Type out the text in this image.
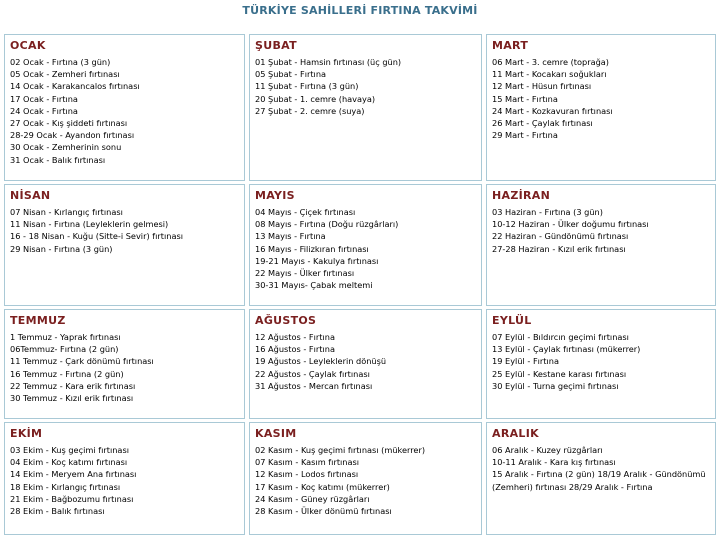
TÜRKİYE SAHİLLERİ FIRTINA TAKVİMİ
OCAK
02 Ocak - Fırtına (3 gün)
05 Ocak - Zemheri fırtınası
14 Ocak - Karakancalos fırtınası
17 Ocak - Fırtına
24 Ocak - Fırtına
27 Ocak - Kış şiddeti fırtınası
28-29 Ocak - Ayandon fırtınası
30 Ocak - Zemherinin sonu
31 Ocak - Balık fırtınası
ŞUBAT
01 Şubat - Hamsin fırtınası (üç gün)
05 Şubat - Fırtına
11 Şubat - Fırtına (3 gün)
20 Şubat - 1. cemre (havaya)
27 Şubat - 2. cemre (suya)
MART
06 Mart - 3. cemre (toprağa)
11 Mart - Kocakarı soğukları
12 Mart - Hüsun fırtınası
15 Mart - Fırtına
24 Mart - Kozkavuran fırtınası
26 Mart - Çaylak fırtınası
29 Mart - Fırtına
NİSAN
07 Nisan - Kırlangıç fırtınası
11 Nisan - Fırtına (Leyleklerin gelmesi)
16 - 18 Nisan - Kuğu (Sitte-i Sevir) fırtınası
29 Nisan - Fırtına (3 gün)
MAYIS
04 Mayıs - Çiçek fırtınası
08 Mayıs - Fırtına (Doğu rüzgârları)
13 Mayıs - Fırtına
16 Mayıs - Filizkıran fırtınası
19-21 Mayıs - Kakulya fırtınası
22 Mayıs - Ülker fırtınası
30-31 Mayıs- Çabak meltemi
HAZİRAN
03 Haziran - Fırtına (3 gün)
10-12 Haziran - Ülker doğumu fırtınası
22 Haziran - Gündönümü fırtınası
27-28 Haziran - Kızıl erik fırtınası
TEMMUZ
1 Temmuz - Yaprak fırtınası
06Temmuz- Fırtına (2 gün)
11 Temmuz - Çark dönümü fırtınası
16 Temmuz - Fırtına (2 gün)
22 Temmuz - Kara erik fırtınası
30 Temmuz - Kızıl erik fırtınası
AĞUSTOS
12 Ağustos - Fırtına
16 Ağustos - Fırtına
19 Ağustos - Leyleklerin dönüşü
22 Ağustos - Çaylak fırtınası
31 Ağustos - Mercan fırtınası
EYLÜL
07 Eylül - Bıldırcın geçimi fırtınası
13 Eylül - Çaylak fırtınası (mükerrer)
19 Eylül - Fırtına
25 Eylül - Kestane karası fırtınası
30 Eylül - Turna geçimi fırtınası
EKİM
03 Ekim - Kuş geçimi fırtınası
04 Ekim - Koç katımı fırtınası
14 Ekim - Meryem Ana fırtınası
18 Ekim - Kırlangıç fırtınası
21 Ekim - Bağbozumu fırtınası
28 Ekim - Balık fırtınası
KASIM
02 Kasım - Kuş geçimi fırtınası (mükerrer)
07 Kasım - Kasım fırtınası
12 Kasım - Lodos fırtınası
17 Kasım - Koç katımı (mükerrer)
24 Kasım - Güney rüzgârları
28 Kasım - Ülker dönümü fırtınası
ARALIK
06 Aralık - Kuzey rüzgârları
10-11 Aralık - Kara kış fırtınası
15 Aralık - Fırtına (2 gün) 18/19 Aralık - Gündönümü (Zemheri) fırtınası 28/29 Aralık - Fırtına
